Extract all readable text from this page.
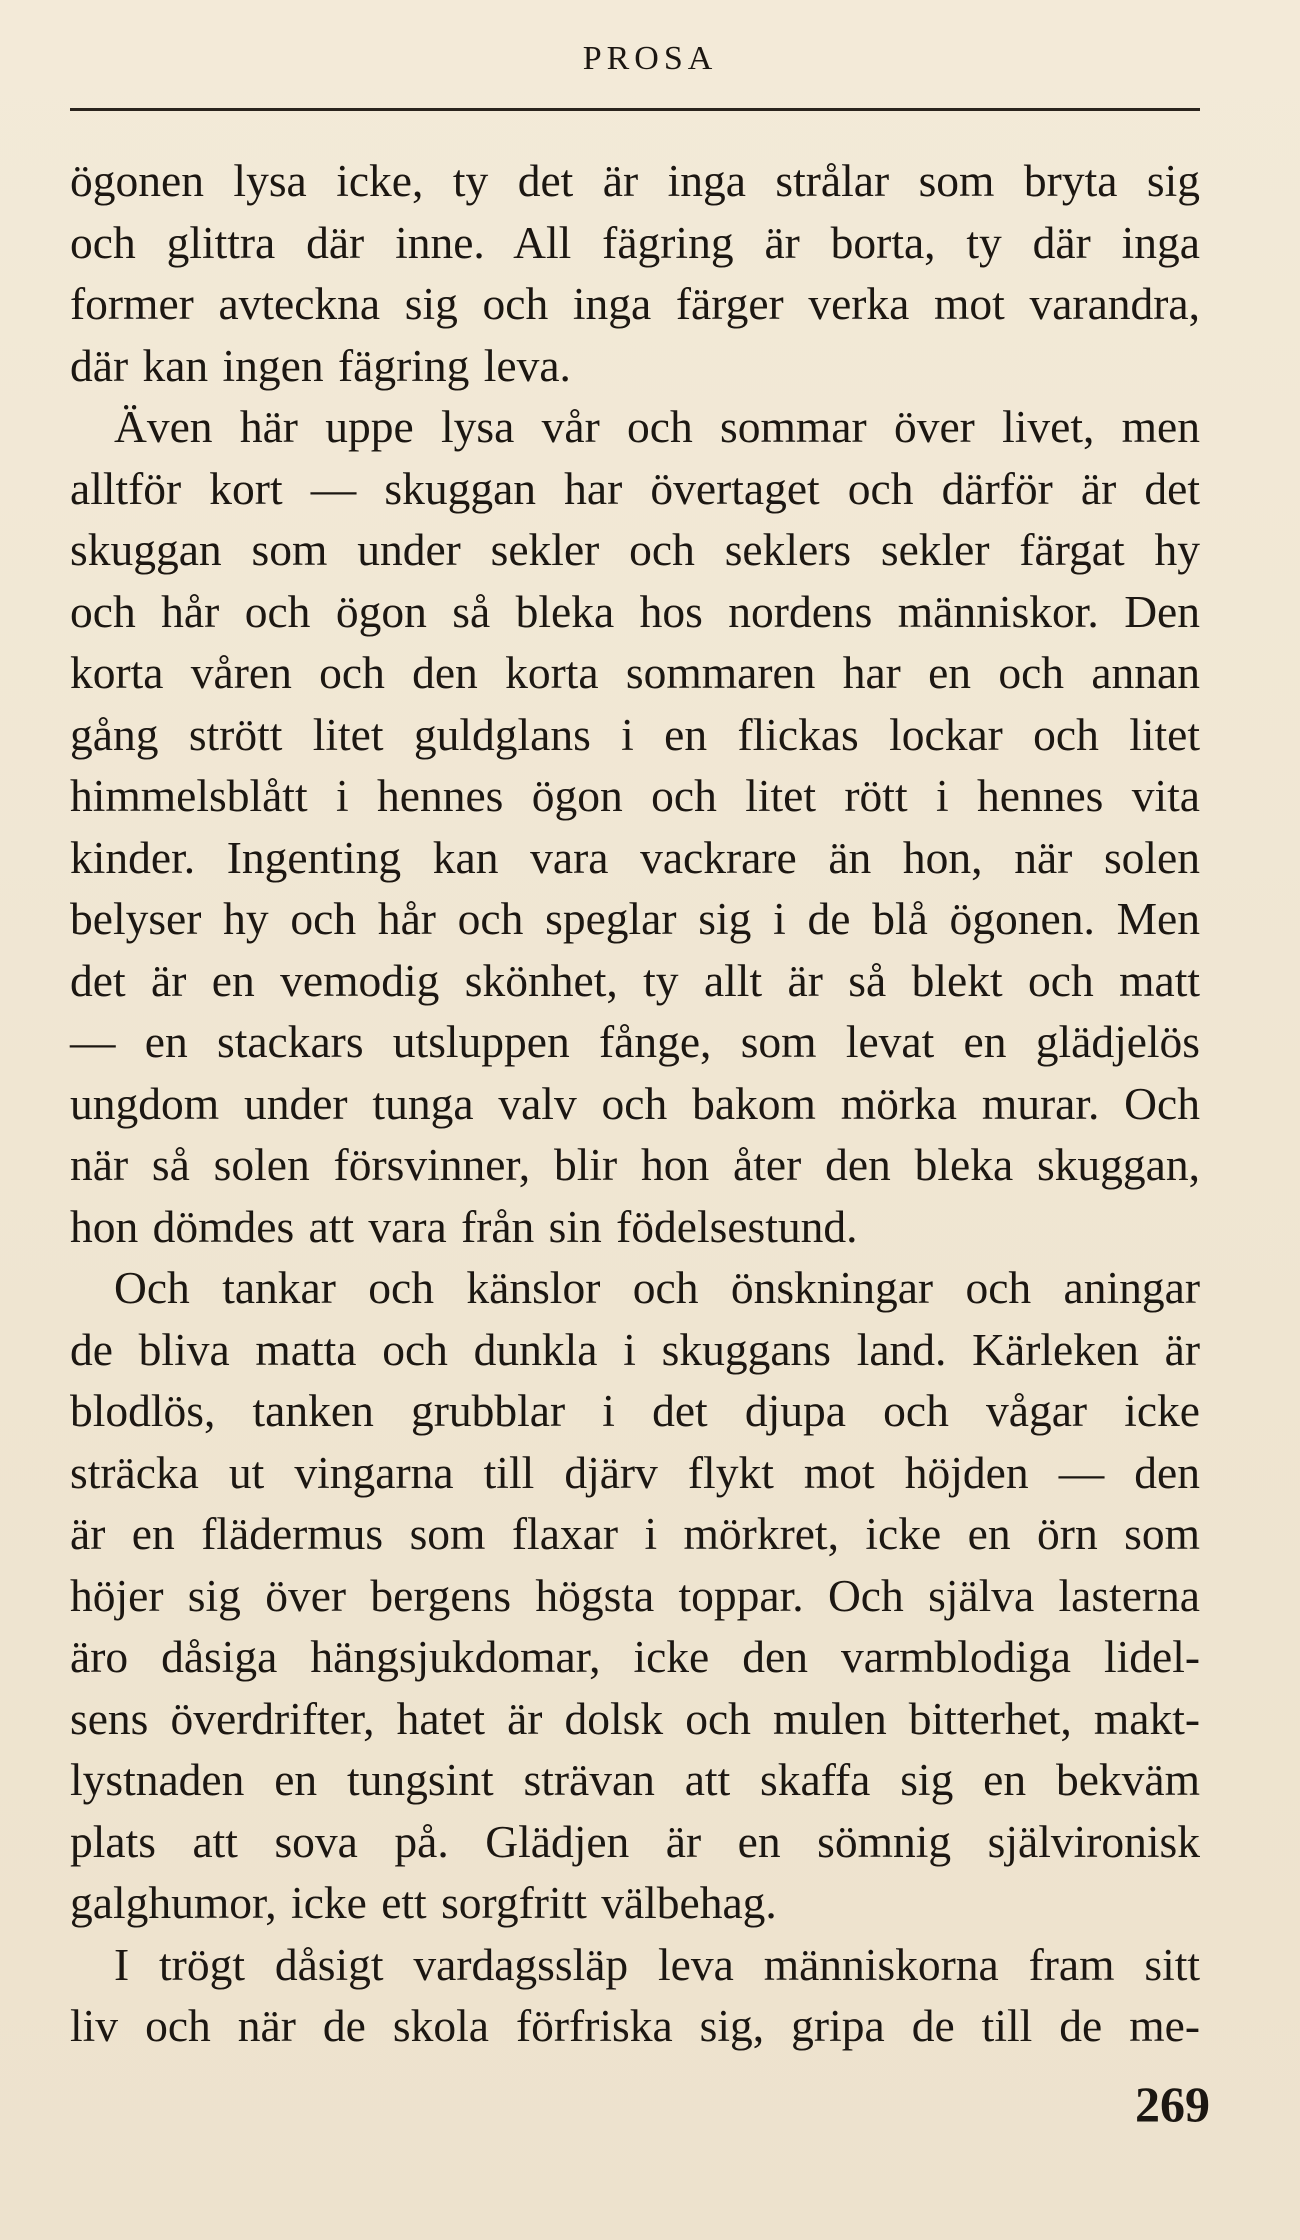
PROSA
ögonen lysa icke, ty det är inga strålar som bryta sig
och glittra där inne. All fägring är borta, ty där inga
former avteckna sig och inga färger verka mot varandra,
där kan ingen fägring leva.
Även här uppe lysa vår och sommar över livet, men
alltför kort — skuggan har övertaget och därför är det
skuggan som under sekler och seklers sekler färgat hy
och hår och ögon så bleka hos nordens människor. Den
korta våren och den korta sommaren har en och annan
gång strött litet guldglans i en flickas lockar och litet
himmelsblått i hennes ögon och litet rött i hennes vita
kinder. Ingenting kan vara vackrare än hon, när solen
belyser hy och hår och speglar sig i de blå ögonen. Men
det är en vemodig skönhet, ty allt är så blekt och matt
— en stackars utsluppen fånge, som levat en glädjelös
ungdom under tunga valv och bakom mörka murar. Och
när så solen försvinner, blir hon åter den bleka skuggan,
hon dömdes att vara från sin födelsestund.
Och tankar och känslor och önskningar och aningar
de bliva matta och dunkla i skuggans land. Kärleken är
blodlös, tanken grubblar i det djupa och vågar icke
sträcka ut vingarna till djärv flykt mot höjden — den
är en flädermus som flaxar i mörkret, icke en örn som
höjer sig över bergens högsta toppar. Och själva lasterna
äro dåsiga hängsjukdomar, icke den varmblodiga lidel-
sens överdrifter, hatet är dolsk och mulen bitterhet, makt-
lystnaden en tungsint strävan att skaffa sig en bekväm
plats att sova på. Glädjen är en sömnig självironisk
galghumor, icke ett sorgfritt välbehag.
I trögt dåsigt vardagssläp leva människorna fram sitt
liv och när de skola förfriska sig, gripa de till de me-
269
